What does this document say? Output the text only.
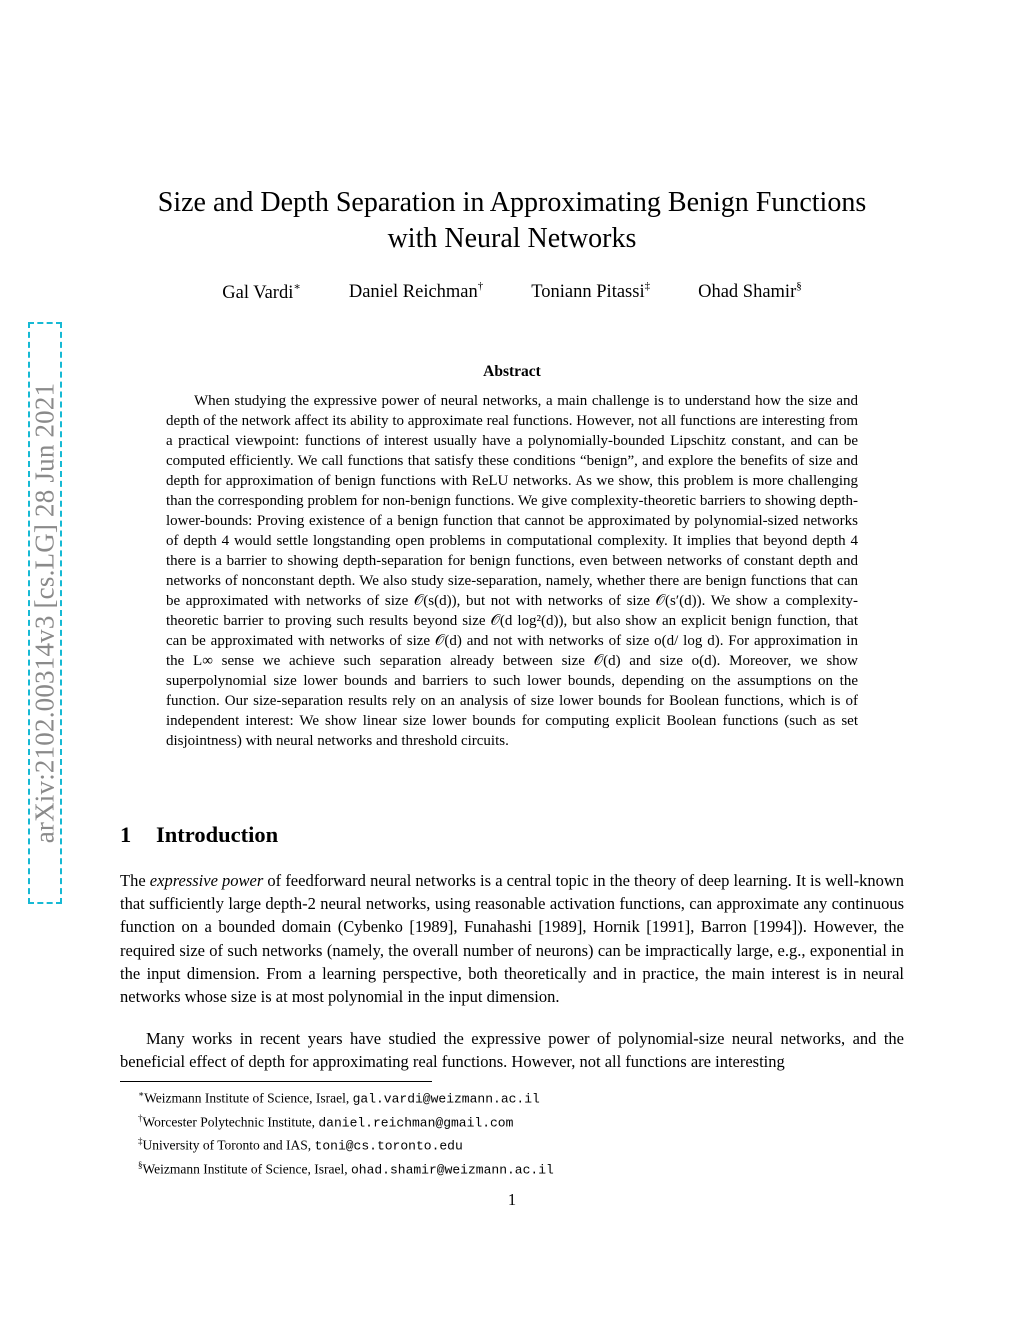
arXiv:2102.00314v3 [cs.LG] 28 Jun 2021
Size and Depth Separation in Approximating Benign Functions
with Neural Networks
Gal Vardi∗	Daniel Reichman†	Toniann Pitassi‡	Ohad Shamir§
Abstract

When studying the expressive power of neural networks, a main challenge is to understand how the size and depth of the network affect its ability to approximate real functions. However, not all functions are interesting from a practical viewpoint: functions of interest usually have a polynomially-bounded Lipschitz constant, and can be computed efficiently. We call functions that satisfy these conditions “benign”, and explore the benefits of size and depth for approximation of benign functions with ReLU networks. As we show, this problem is more challenging than the corresponding problem for non-benign functions. We give complexity-theoretic barriers to showing depth-lower-bounds: Proving existence of a benign function that cannot be approximated by polynomial-sized networks of depth 4 would settle longstanding open problems in computational complexity. It implies that beyond depth 4 there is a barrier to showing depth-separation for benign functions, even between networks of constant depth and networks of nonconstant depth. We also study size-separation, namely, whether there are benign functions that can be approximated with networks of size 𝒪(s(d)), but not with networks of size 𝒪(s′(d)). We show a complexity-theoretic barrier to proving such results beyond size 𝒪(d log²(d)), but also show an explicit benign function, that can be approximated with networks of size 𝒪(d) and not with networks of size o(d/ log d). For approximation in the L∞ sense we achieve such separation already between size 𝒪(d) and size o(d). Moreover, we show superpolynomial size lower bounds and barriers to such lower bounds, depending on the assumptions on the function. Our size-separation results rely on an analysis of size lower bounds for Boolean functions, which is of independent interest: We show linear size lower bounds for computing explicit Boolean functions (such as set disjointness) with neural networks and threshold circuits.

1	Introduction

The expressive power of feedforward neural networks is a central topic in the theory of deep learning. It is well-known that sufficiently large depth-2 neural networks, using reasonable activation functions, can approximate any continuous function on a bounded domain (Cybenko [1989], Funahashi [1989], Hornik [1991], Barron [1994]). However, the required size of such networks (namely, the overall number of neurons) can be impractically large, e.g., exponential in the input dimension. From a learning perspective, both theoretically and in practice, the main interest is in neural networks whose size is at most polynomial in the input dimension.

Many works in recent years have studied the expressive power of polynomial-size neural networks, and the beneficial effect of depth for approximating real functions. However, not all functions are interesting

∗Weizmann Institute of Science, Israel, gal.vardi@weizmann.ac.il
†Worcester Polytechnic Institute, daniel.reichman@gmail.com
‡University of Toronto and IAS, toni@cs.toronto.edu
§Weizmann Institute of Science, Israel, ohad.shamir@weizmann.ac.il
1
